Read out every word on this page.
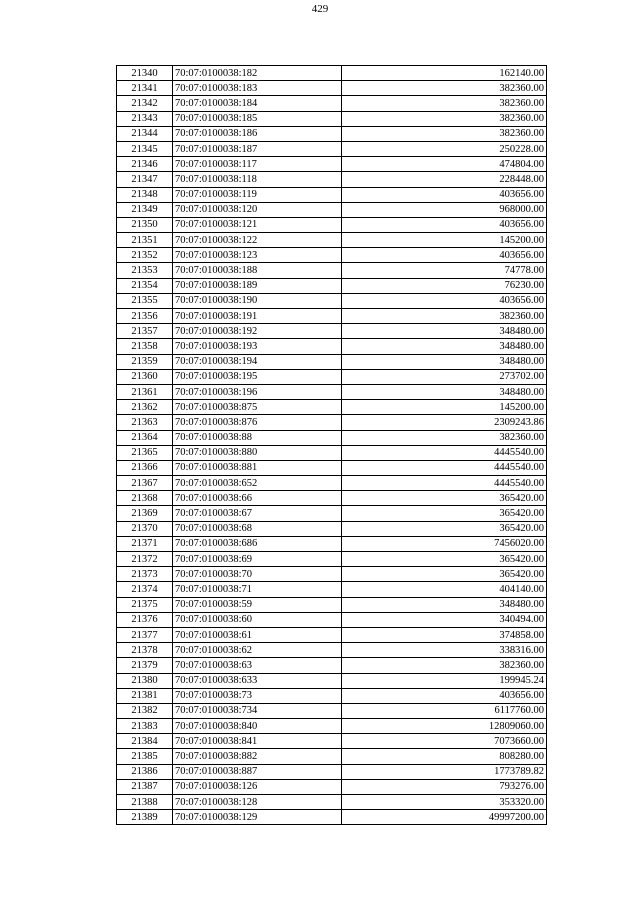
429
21340	70:07:0100038:182	162140.00
21341	70:07:0100038:183	382360.00
21342	70:07:0100038:184	382360.00
21343	70:07:0100038:185	382360.00
21344	70:07:0100038:186	382360.00
21345	70:07:0100038:187	250228.00
21346	70:07:0100038:117	474804.00
21347	70:07:0100038:118	228448.00
21348	70:07:0100038:119	403656.00
21349	70:07:0100038:120	968000.00
21350	70:07:0100038:121	403656.00
21351	70:07:0100038:122	145200.00
21352	70:07:0100038:123	403656.00
21353	70:07:0100038:188	74778.00
21354	70:07:0100038:189	76230.00
21355	70:07:0100038:190	403656.00
21356	70:07:0100038:191	382360.00
21357	70:07:0100038:192	348480.00
21358	70:07:0100038:193	348480.00
21359	70:07:0100038:194	348480.00
21360	70:07:0100038:195	273702.00
21361	70:07:0100038:196	348480.00
21362	70:07:0100038:875	145200.00
21363	70:07:0100038:876	2309243.86
21364	70:07:0100038:88	382360.00
21365	70:07:0100038:880	4445540.00
21366	70:07:0100038:881	4445540.00
21367	70:07:0100038:652	4445540.00
21368	70:07:0100038:66	365420.00
21369	70:07:0100038:67	365420.00
21370	70:07:0100038:68	365420.00
21371	70:07:0100038:686	7456020.00
21372	70:07:0100038:69	365420.00
21373	70:07:0100038:70	365420.00
21374	70:07:0100038:71	404140.00
21375	70:07:0100038:59	348480.00
21376	70:07:0100038:60	340494.00
21377	70:07:0100038:61	374858.00
21378	70:07:0100038:62	338316.00
21379	70:07:0100038:63	382360.00
21380	70:07:0100038:633	199945.24
21381	70:07:0100038:73	403656.00
21382	70:07:0100038:734	6117760.00
21383	70:07:0100038:840	12809060.00
21384	70:07:0100038:841	7073660.00
21385	70:07:0100038:882	808280.00
21386	70:07:0100038:887	1773789.82
21387	70:07:0100038:126	793276.00
21388	70:07:0100038:128	353320.00
21389	70:07:0100038:129	49997200.00
